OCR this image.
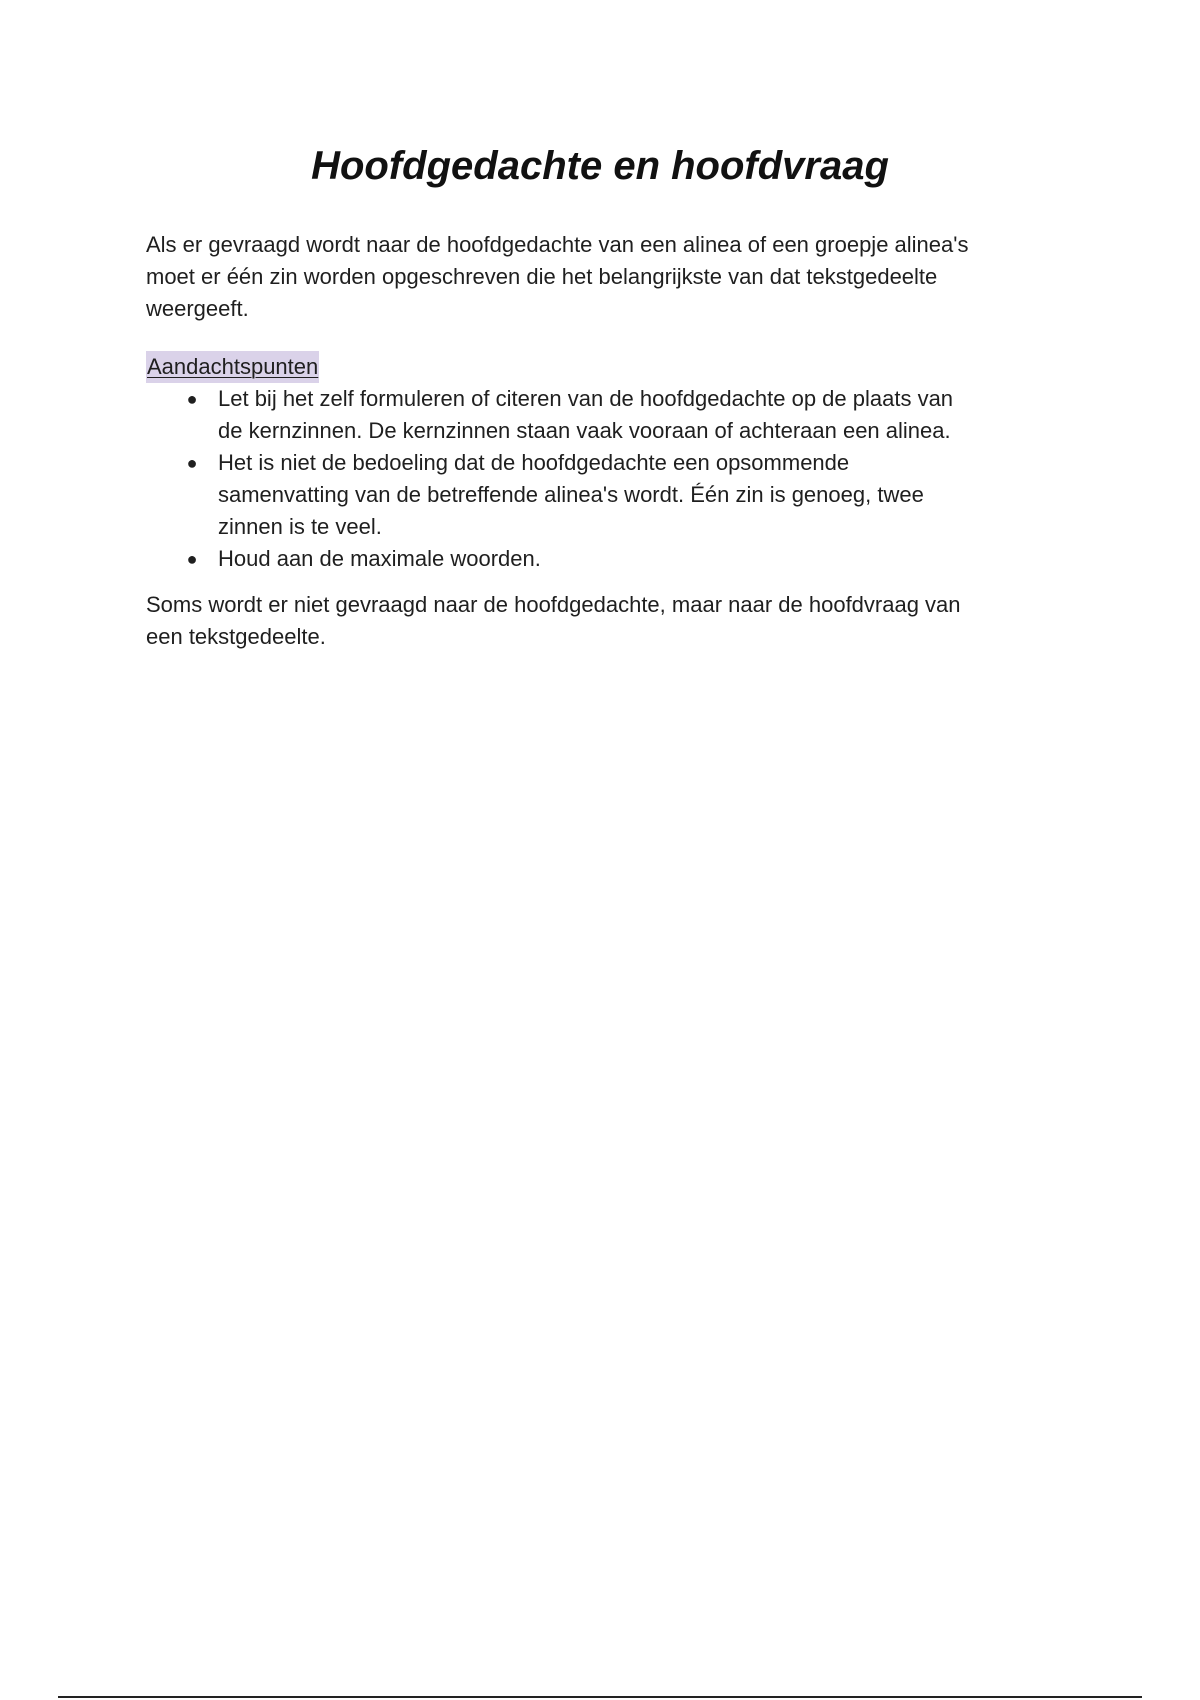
Hoofdgedachte en hoofdvraag

Als er gevraagd wordt naar de hoofdgedachte van een alinea of een groepje alinea's
moet er één zin worden opgeschreven die het belangrijkste van dat tekstgedeelte
weergeeft.

Aandachtspunten
● Let bij het zelf formuleren of citeren van de hoofdgedachte op de plaats van
de kernzinnen. De kernzinnen staan vaak vooraan of achteraan een alinea.
● Het is niet de bedoeling dat de hoofdgedachte een opsommende
samenvatting van de betreffende alinea's wordt. Één zin is genoeg, twee
zinnen is te veel.
● Houd aan de maximale woorden.

Soms wordt er niet gevraagd naar de hoofdgedachte, maar naar de hoofdvraag van
een tekstgedeelte.
